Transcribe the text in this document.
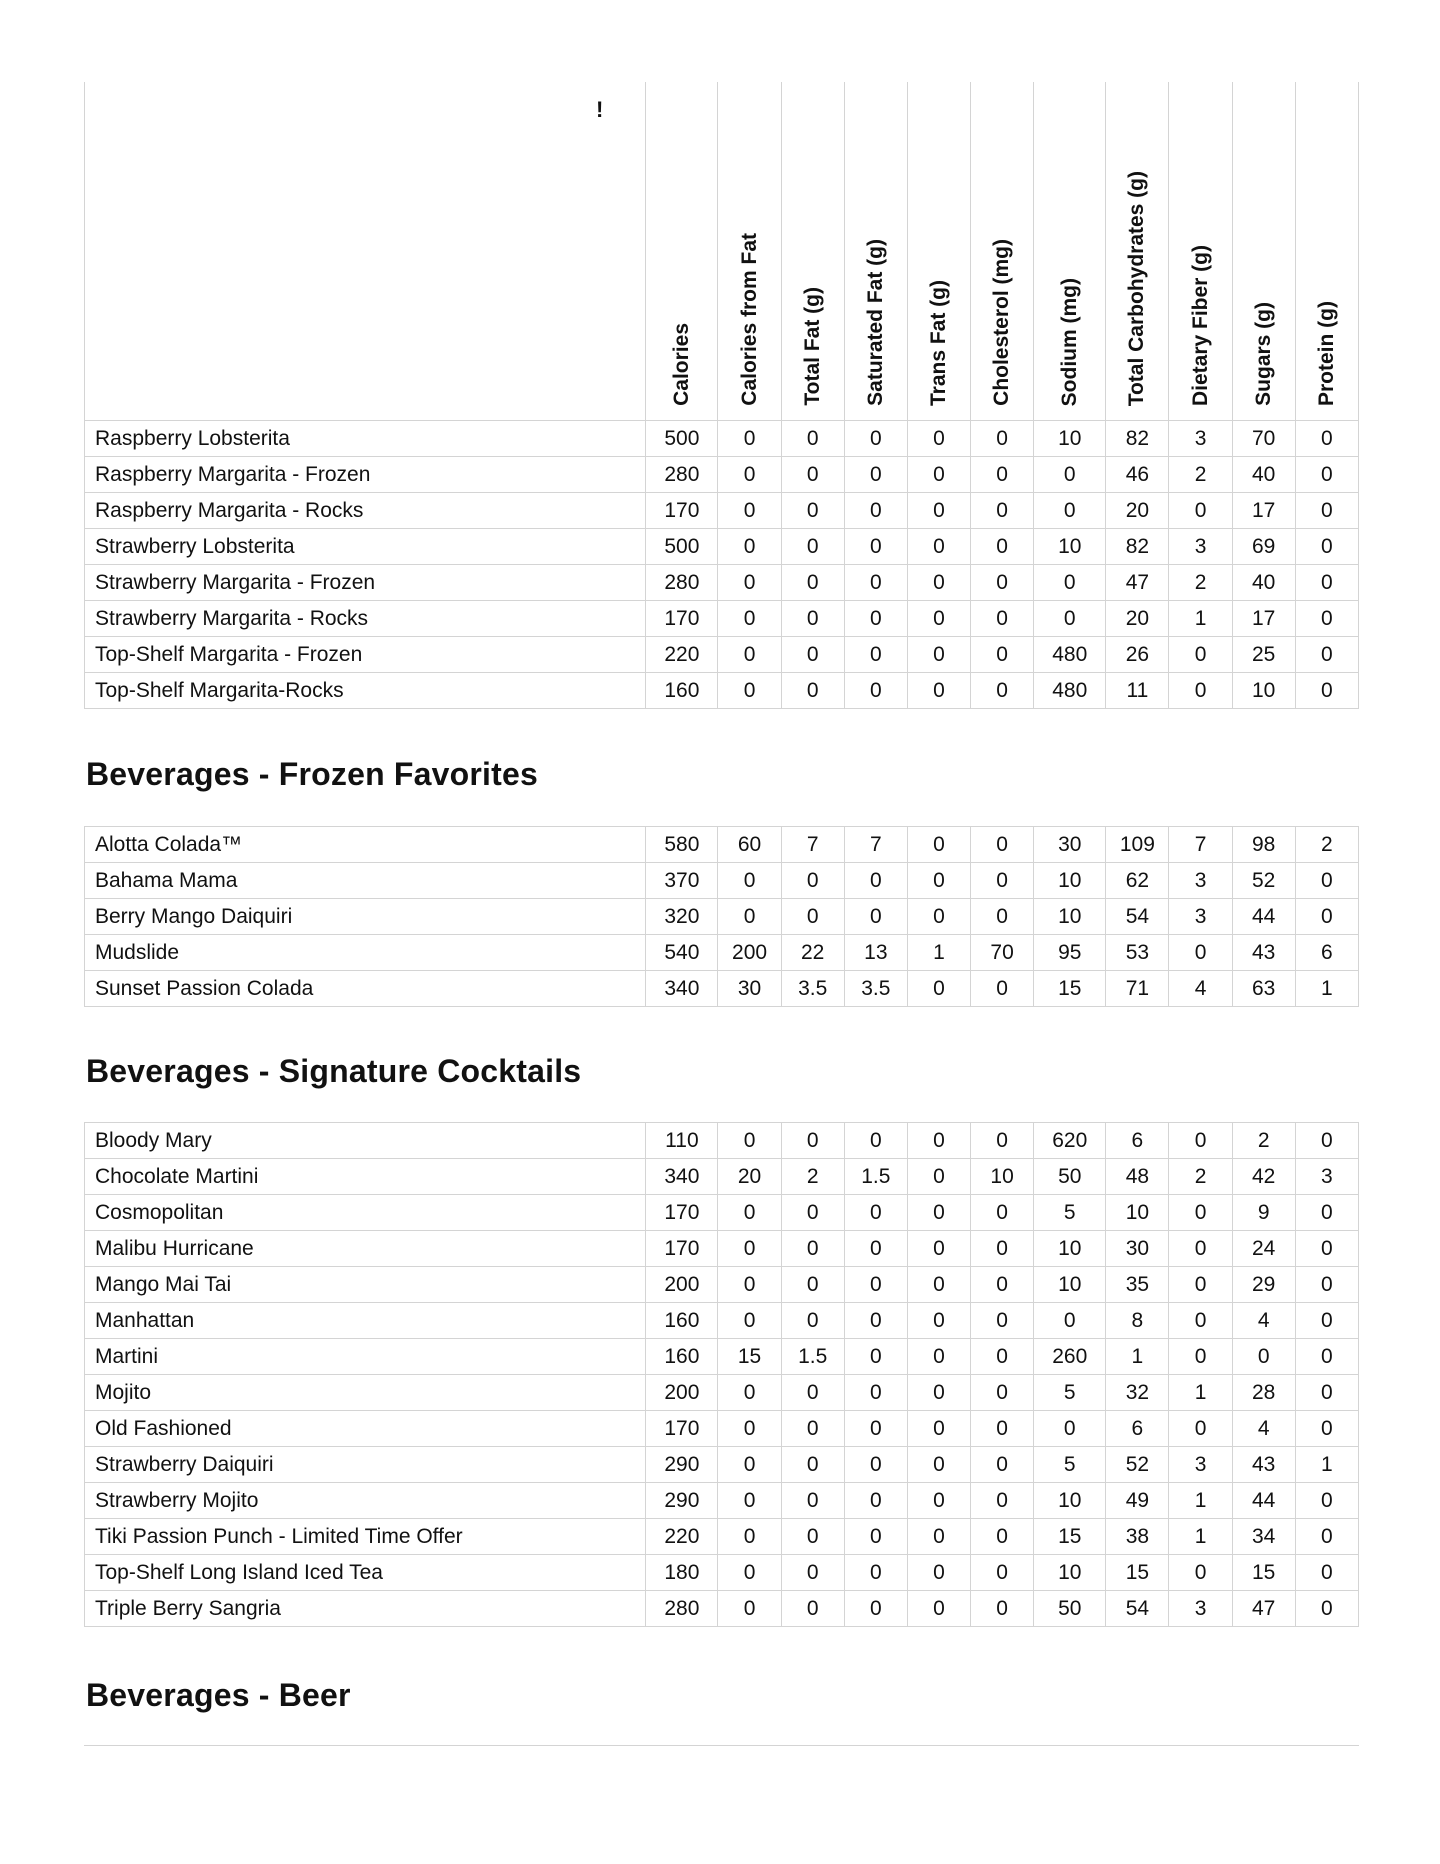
!

	Calories	Calories from Fat	Total Fat (g)	Saturated Fat (g)	Trans Fat (g)	Cholesterol (mg)	Sodium (mg)	Total Carbohydrates (g)	Dietary Fiber (g)	Sugars (g)	Protein (g)

Raspberry Lobsterita	500	0	0	0	0	0	10	82	3	70	0
Raspberry Margarita - Frozen	280	0	0	0	0	0	0	46	2	40	0
Raspberry Margarita - Rocks	170	0	0	0	0	0	0	20	0	17	0
Strawberry Lobsterita	500	0	0	0	0	0	10	82	3	69	0
Strawberry Margarita - Frozen	280	0	0	0	0	0	0	47	2	40	0
Strawberry Margarita - Rocks	170	0	0	0	0	0	0	20	1	17	0
Top-Shelf Margarita - Frozen	220	0	0	0	0	0	480	26	0	25	0
Top-Shelf Margarita-Rocks	160	0	0	0	0	0	480	11	0	10	0
Beverages - Frozen Favorites
Alotta Colada™	580	60	7	7	0	0	30	109	7	98	2
Bahama Mama	370	0	0	0	0	0	10	62	3	52	0
Berry Mango Daiquiri	320	0	0	0	0	0	10	54	3	44	0
Mudslide	540	200	22	13	1	70	95	53	0	43	6
Sunset Passion Colada	340	30	3.5	3.5	0	0	15	71	4	63	1
Beverages - Signature Cocktails
Bloody Mary	110	0	0	0	0	0	620	6	0	2	0
Chocolate Martini	340	20	2	1.5	0	10	50	48	2	42	3
Cosmopolitan	170	0	0	0	0	0	5	10	0	9	0
Malibu Hurricane	170	0	0	0	0	0	10	30	0	24	0
Mango Mai Tai	200	0	0	0	0	0	10	35	0	29	0
Manhattan	160	0	0	0	0	0	0	8	0	4	0
Martini	160	15	1.5	0	0	0	260	1	0	0	0
Mojito	200	0	0	0	0	0	5	32	1	28	0
Old Fashioned	170	0	0	0	0	0	0	6	0	4	0
Strawberry Daiquiri	290	0	0	0	0	0	5	52	3	43	1
Strawberry Mojito	290	0	0	0	0	0	10	49	1	44	0
Tiki Passion Punch - Limited Time Offer	220	0	0	0	0	0	15	38	1	34	0
Top-Shelf Long Island Iced Tea	180	0	0	0	0	0	10	15	0	15	0
Triple Berry Sangria	280	0	0	0	0	0	50	54	3	47	0
Beverages - Beer
